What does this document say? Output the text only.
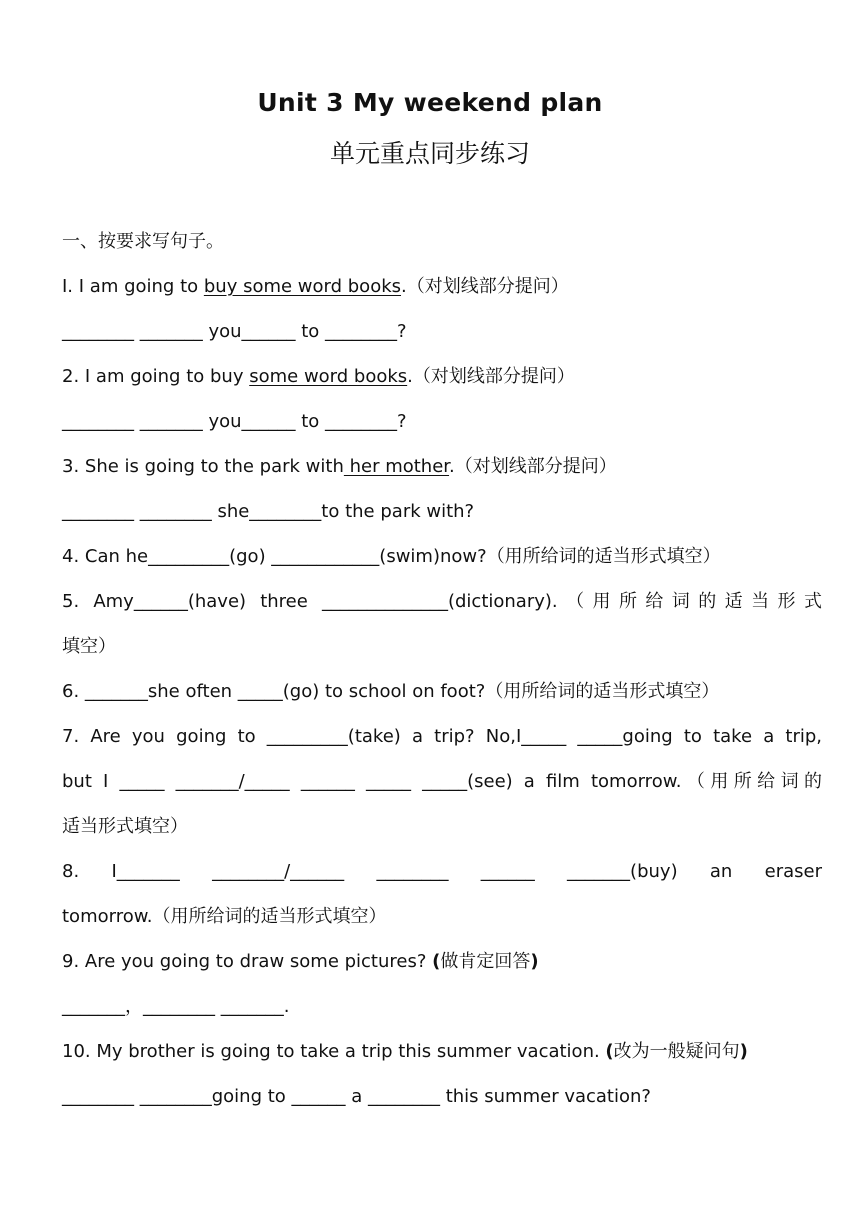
Unit 3 My weekend plan
单元重点同步练习
一、按要求写句子。
I. I am going to buy some word books.（对划线部分提问）
________ _______ you______ to ________?
2. I am going to buy some word books.（对划线部分提问）
________ _______ you______ to ________?
3. She is going to the park with her mother.（对划线部分提问）
________ ________ she________to the park with?
4. Can he_________(go) ____________(swim)now?（用所给词的适当形式填空）
5. Amy______(have) three ______________(dictionary).（用所给词的适当形式
填空）
6. _______she often _____(go) to school on foot?（用所给词的适当形式填空）
7. Are you going to _________(take) a trip? No,I_____ _____going to take a trip,
but I _____ _______/_____ ______ _____ _____(see) a film tomorrow.（用所给词的
适当形式填空）
8. I_______ ________/______ ________ ______ _______(buy) an eraser
tomorrow.（用所给词的适当形式填空）
9. Are you going to draw some pictures? (做肯定回答)
_______，________ _______.
10. My brother is going to take a trip this summer vacation. (改为一般疑问句)
________ ________going to ______ a ________ this summer vacation?
